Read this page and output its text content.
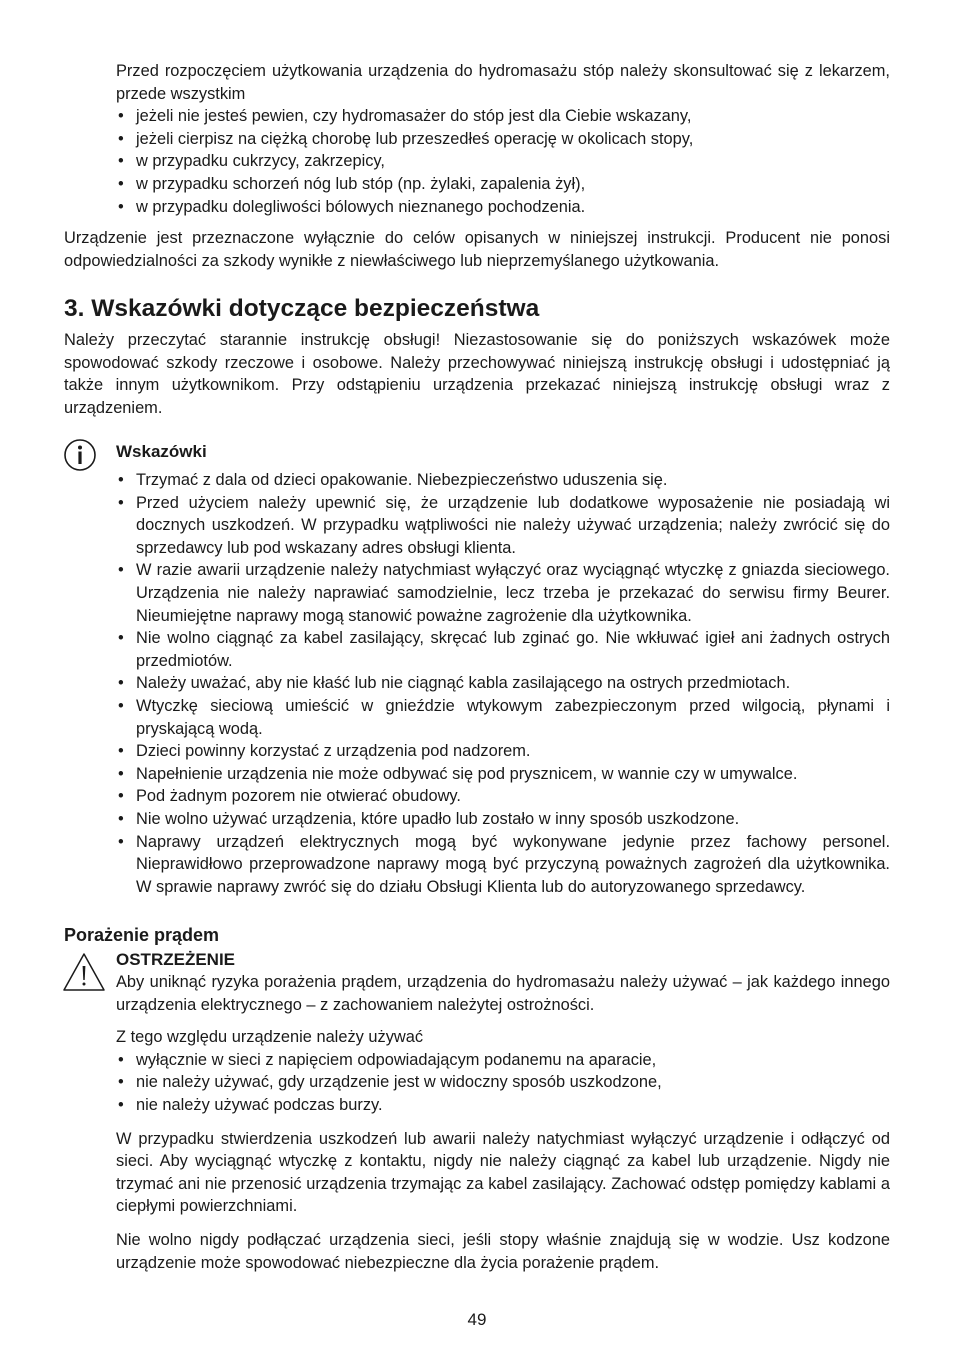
Przed rozpoczęciem użytkowania urządzenia do hydromasażu stóp należy skonsultować się z lekarzem, przede wszystkim

• jeżeli nie jesteś pewien, czy hydromasażer do stóp jest dla Ciebie wskazany,
• jeżeli cierpisz na ciężką chorobę lub przeszedłeś operację w okolicach stopy,
• w przypadku cukrzycy, zakrzepicy,
• w przypadku schorzeń nóg lub stóp (np. żylaki, zapalenia żył),
• w przypadku dolegliwości bólowych nieznanego pochodzenia.

Urządzenie jest przeznaczone wyłącznie do celów opisanych w niniejszej instrukcji. Producent nie ponosi odpowiedzialności za szkody wynikłe z niewłaściwego lub nieprzemyślanego użytkowania.

3. Wskazówki dotyczące bezpieczeństwa

Należy przeczytać starannie instrukcję obsługi! Niezastosowanie się do poniższych wskazówek może spowodować szkody rzeczowe i osobowe. Należy przechowywać niniejszą instrukcję obsługi i udostępniać ją także innym użytkownikom. Przy odstąpieniu urządzenia przekazać niniejszą instrukcję obsługi wraz z urządzeniem.

Wskazówki
• Trzymać z dala od dzieci opakowanie. Niebezpieczeństwo uduszenia się.
• Przed użyciem należy upewnić się, że urządzenie lub dodatkowe wyposażenie nie posiadają wi docznych uszkodzeń. W przypadku wątpliwości nie należy używać urządzenia; należy zwrócić się do sprzedawcy lub pod wskazany adres obsługi klienta.
• W razie awarii urządzenie należy natychmiast wyłączyć oraz wyciągnąć wtyczkę z gniazda sieciowego. Urządzenia nie należy naprawiać samodzielnie, lecz trzeba je przekazać do serwisu firmy Beurer. Nieumiejętne naprawy mogą stanowić poważne zagrożenie dla użytkownika.
• Nie wolno ciągnąć za kabel zasilający, skręcać lub zginać go. Nie wkłuwać igieł ani żadnych ostrych przedmiotów.
• Należy uważać, aby nie kłaść lub nie ciągnąć kabla zasilającego na ostrych przedmiotach.
• Wtyczkę sieciową umieścić w gnieździe wtykowym zabezpieczonym przed wilgocią, płynami i pryskającą wodą.
• Dzieci powinny korzystać z urządzenia pod nadzorem.
• Napełnienie urządzenia nie może odbywać się pod prysznicem, w wannie czy w umywalce.
• Pod żadnym pozorem nie otwierać obudowy.
• Nie wolno używać urządzenia, które upadło lub zostało w inny sposób uszkodzone.
• Naprawy urządzeń elektrycznych mogą być wykonywane jedynie przez fachowy personel. Nieprawidłowo przeprowadzone naprawy mogą być przyczyną poważnych zagrożeń dla użytkownika. W sprawie naprawy zwróć się do działu Obsługi Klienta lub do autoryzowanego sprzedawcy.
Porażenie prądem
OSTRZEŻENIE

Aby uniknąć ryzyka porażenia prądem, urządzenia do hydromasażu należy używać – jak każdego innego urządzenia elektrycznego – z zachowaniem należytej ostrożności.

Z tego względu urządzenie należy używać

• wyłącznie w sieci z napięciem odpowiadającym podanemu na aparacie,
• nie należy używać, gdy urządzenie jest w widoczny sposób uszkodzone,
• nie należy używać podczas burzy.

W przypadku stwierdzenia uszkodzeń lub awarii należy natychmiast wyłączyć urządzenie i odłączyć od sieci. Aby wyciągnąć wtyczkę z kontaktu, nigdy nie należy ciągnąć za kabel lub urządzenie. Nigdy nie trzymać ani nie przenosić urządzenia trzymając za kabel zasilający. Zachować odstęp pomiędzy kablami a ciepłymi powierzchniami.

Nie wolno nigdy podłączać urządzenia sieci, jeśli stopy właśnie znajdują się w wodzie. Usz kodzone urządzenie może spowodować niebezpieczne dla życia porażenie prądem.

49
